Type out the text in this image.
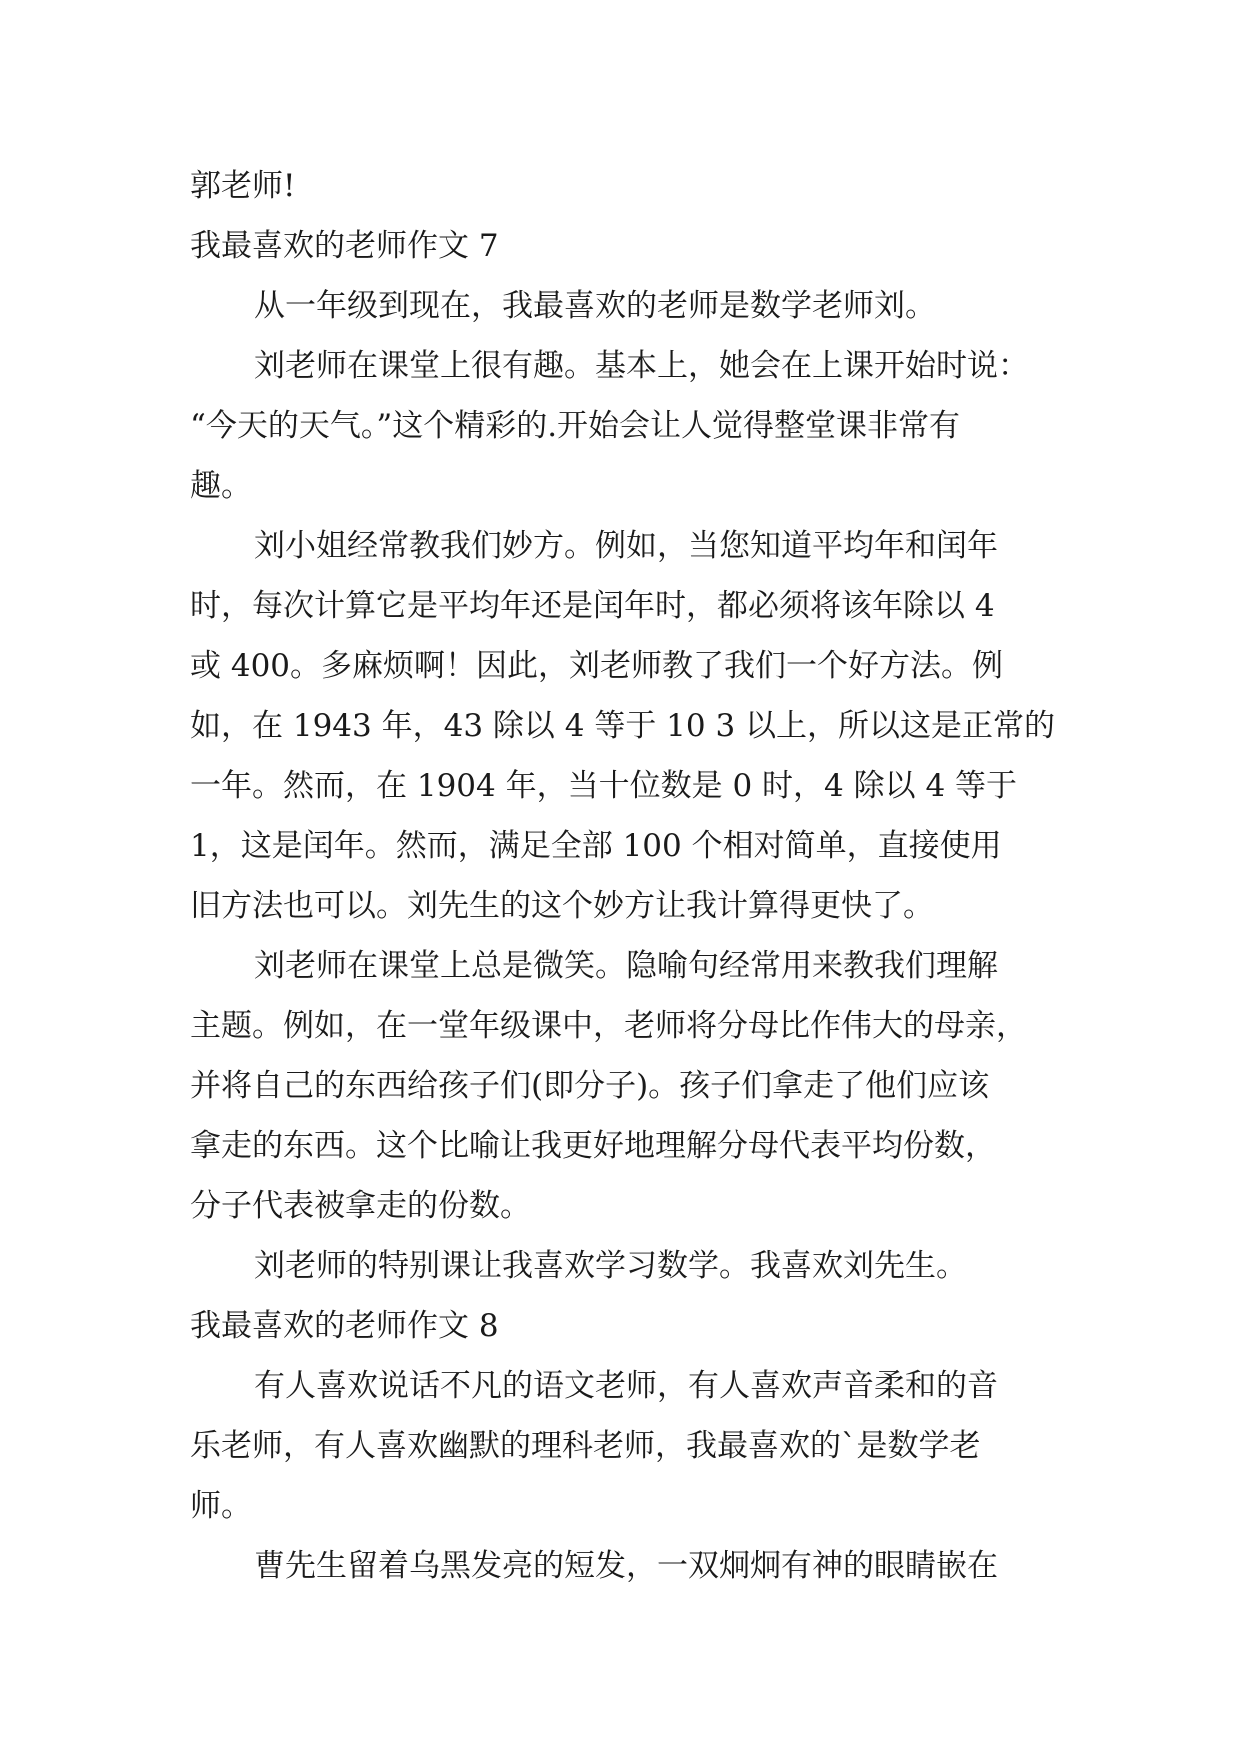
郭老师!
我最喜欢的老师作文 7
从一年级到现在，我最喜欢的老师是数学老师刘。
刘老师在课堂上很有趣。基本上，她会在上课开始时说：
“今天的天气。”这个精彩的.开始会让人觉得整堂课非常有
趣。
刘小姐经常教我们妙方。例如，当您知道平均年和闰年
时，每次计算它是平均年还是闰年时，都必须将该年除以 4
或 400。多麻烦啊！因此，刘老师教了我们一个好方法。例
如，在 1943 年，43 除以 4 等于 10 3 以上，所以这是正常的
一年。然而，在 1904 年，当十位数是 0 时，4 除以 4 等于
1，这是闰年。然而，满足全部 100 个相对简单，直接使用
旧方法也可以。刘先生的这个妙方让我计算得更快了。
刘老师在课堂上总是微笑。隐喻句经常用来教我们理解
主题。例如，在一堂年级课中，老师将分母比作伟大的母亲，
并将自己的东西给孩子们(即分子)。孩子们拿走了他们应该
拿走的东西。这个比喻让我更好地理解分母代表平均份数，
分子代表被拿走的份数。
刘老师的特别课让我喜欢学习数学。我喜欢刘先生。
我最喜欢的老师作文 8
有人喜欢说话不凡的语文老师，有人喜欢声音柔和的音
乐老师，有人喜欢幽默的理科老师，我最喜欢的`是数学老
师。
曹先生留着乌黑发亮的短发，一双炯炯有神的眼睛嵌在
